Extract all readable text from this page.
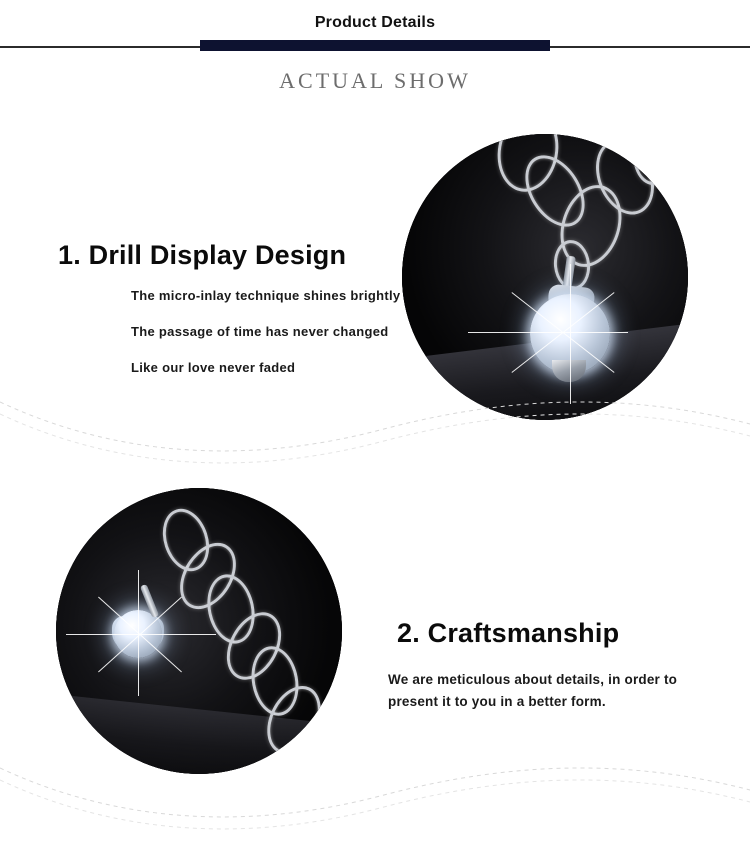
Product Details
ACTUAL SHOW
1. Drill Display Design
The micro-inlay technique shines brightly
The passage of time has never changed
Like our love never faded
2. Craftsmanship
We are meticulous about details, in order to
present it to you in a better form.
